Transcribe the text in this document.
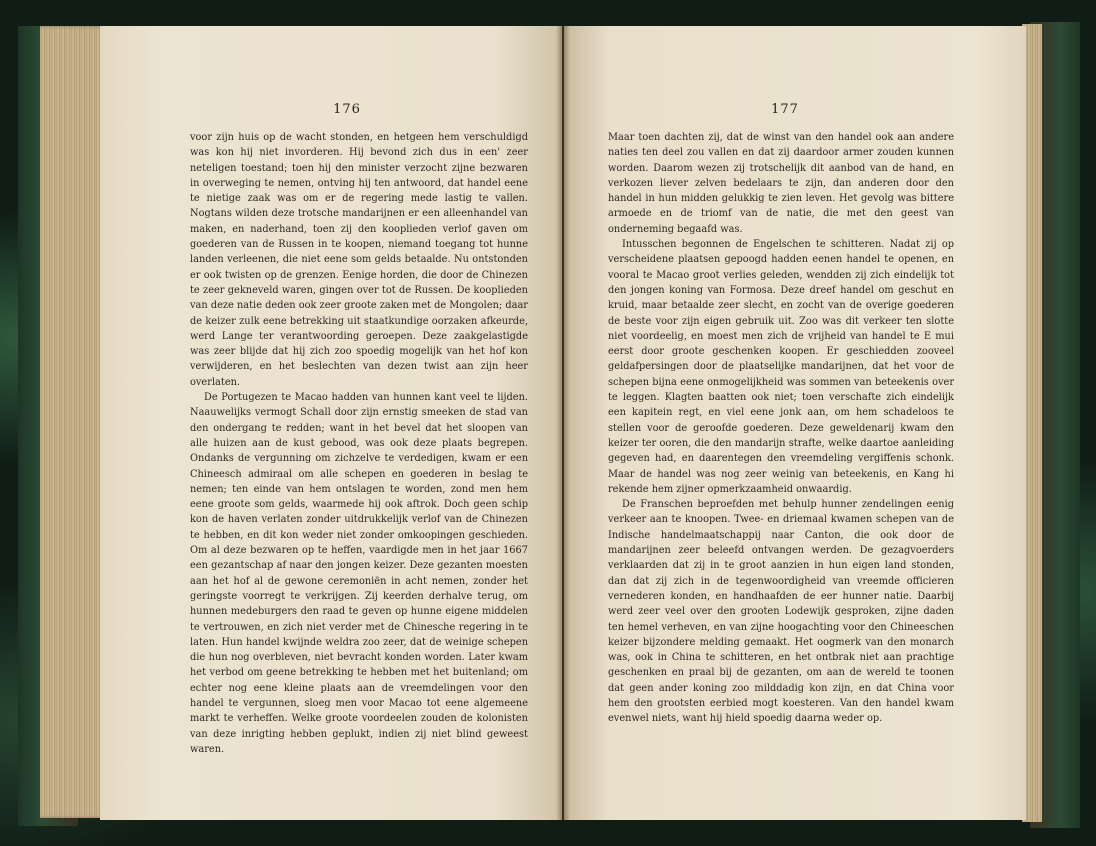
176

voor zijn huis op de wacht stonden, en hetgeen hem verschuldigd was kon hij niet invorderen. Hij bevond zich dus in een' zeer neteligen toestand; toen hij den minister verzocht zijne bezwaren in overweging te nemen, ontving hij ten antwoord, dat handel eene te nietige zaak was om er de regering mede lastig te vallen. Nogtans wilden deze trotsche mandarijnen er een alleenhandel van maken, en naderhand, toen zij den kooplieden verlof gaven om goederen van de Russen in te koopen, niemand toegang tot hunne landen verleenen, die niet eene som gelds betaalde. Nu ontstonden er ook twisten op de grenzen. Eenige horden, die door de Chinezen te zeer gekneveld waren, gingen over tot de Russen. De kooplieden van deze natie deden ook zeer groote zaken met de Mongolen; daar de keizer zulk eene betrekking uit staatkundige oorzaken afkeurde, werd Lange ter verantwoording geroepen. Deze zaakgelastigde was zeer blijde dat hij zich zoo spoedig mogelijk van het hof kon verwijderen, en het beslechten van dezen twist aan zijn heer overlaten.

De Portugezen te Macao hadden van hunnen kant veel te lijden. Naauwelijks vermogt Schall door zijn ernstig smeeken de stad van den ondergang te redden; want in het bevel dat het sloopen van alle huizen aan de kust gebood, was ook deze plaats begrepen. Ondanks de vergunning om zichzelve te verdedigen, kwam er een Chineesch admiraal om alle schepen en goederen in beslag te nemen; ten einde van hem ontslagen te worden, zond men hem eene groote som gelds, waarmede hij ook aftrok. Doch geen schip kon de haven verlaten zonder uitdrukkelijk verlof van de Chinezen te hebben, en dit kon weder niet zonder omkoopingen geschieden. Om al deze bezwaren op te heffen, vaardigde men in het jaar 1667 een gezantschap af naar den jongen keizer. Deze gezanten moesten aan het hof al de gewone ceremoniën in acht nemen, zonder het geringste voorregt te verkrijgen. Zij keerden derhalve terug, om hunnen medeburgers den raad te geven op hunne eigene middelen te vertrouwen, en zich niet verder met de Chinesche regering in te laten. Hun handel kwijnde weldra zoo zeer, dat de weinige schepen die hun nog overbleven, niet bevracht konden worden. Later kwam het verbod om geene betrekking te hebben met het buitenland; om echter nog eene kleine plaats aan de vreemdelingen voor den handel te vergunnen, sloeg men voor Macao tot eene algemeene markt te verheffen. Welke groote voordeelen zouden de kolonisten van deze inrigting hebben geplukt, indien zij niet blind geweest waren.

177

Maar toen dachten zij, dat de winst van den handel ook aan andere naties ten deel zou vallen en dat zij daardoor armer zouden kunnen worden. Daarom wezen zij trotschelijk dit aanbod van de hand, en verkozen liever zelven bedelaars te zijn, dan anderen door den handel in hun midden gelukkig te zien leven. Het gevolg was bittere armoede en de triomf van de natie, die met den geest van onderneming begaafd was.

Intusschen begonnen de Engelschen te schitteren. Nadat zij op verscheidene plaatsen gepoogd hadden eenen handel te openen, en vooral te Macao groot verlies geleden, wendden zij zich eindelijk tot den jongen koning van Formosa. Deze dreef handel om geschut en kruid, maar betaalde zeer slecht, en zocht van de overige goederen de beste voor zijn eigen gebruik uit. Zoo was dit verkeer ten slotte niet voordeelig, en moest men zich de vrijheid van handel te E mui eerst door groote geschenken koopen. Er geschiedden zooveel geldafpersingen door de plaatselijke mandarijnen, dat het voor de schepen bijna eene onmogelijkheid was sommen van beteekenis over te leggen. Klagten baatten ook niet; toen verschafte zich eindelijk een kapitein regt, en viel eene jonk aan, om hem schadeloos te stellen voor de geroofde goederen. Deze geweldenarij kwam den keizer ter ooren, die den mandarijn strafte, welke daartoe aanleiding gegeven had, en daarentegen den vreemdeling vergiffenis schonk. Maar de handel was nog zeer weinig van beteekenis, en Kang hi rekende hem zijner opmerkzaamheid onwaardig.

De Franschen beproefden met behulp hunner zendelingen eenig verkeer aan te knoopen. Twee- en driemaal kwamen schepen van de Indische handelmaatschappij naar Canton, die ook door de mandarijnen zeer beleefd ontvangen werden. De gezagvoerders verklaarden dat zij in te groot aanzien in hun eigen land stonden, dan dat zij zich in de tegenwoordigheid van vreemde officieren vernederen konden, en handhaafden de eer hunner natie. Daarbij werd zeer veel over den grooten Lodewijk gesproken, zijne daden ten hemel verheven, en van zijne hoogachting voor den Chineeschen keizer bijzondere melding gemaakt. Het oogmerk van den monarch was, ook in China te schitteren, en het ontbrak niet aan prachtige geschenken en praal bij de gezanten, om aan de wereld te toonen dat geen ander koning zoo milddadig kon zijn, en dat China voor hem den grootsten eerbied mogt koesteren. Van den handel kwam evenwel niets, want hij hield spoedig daarna weder op.
